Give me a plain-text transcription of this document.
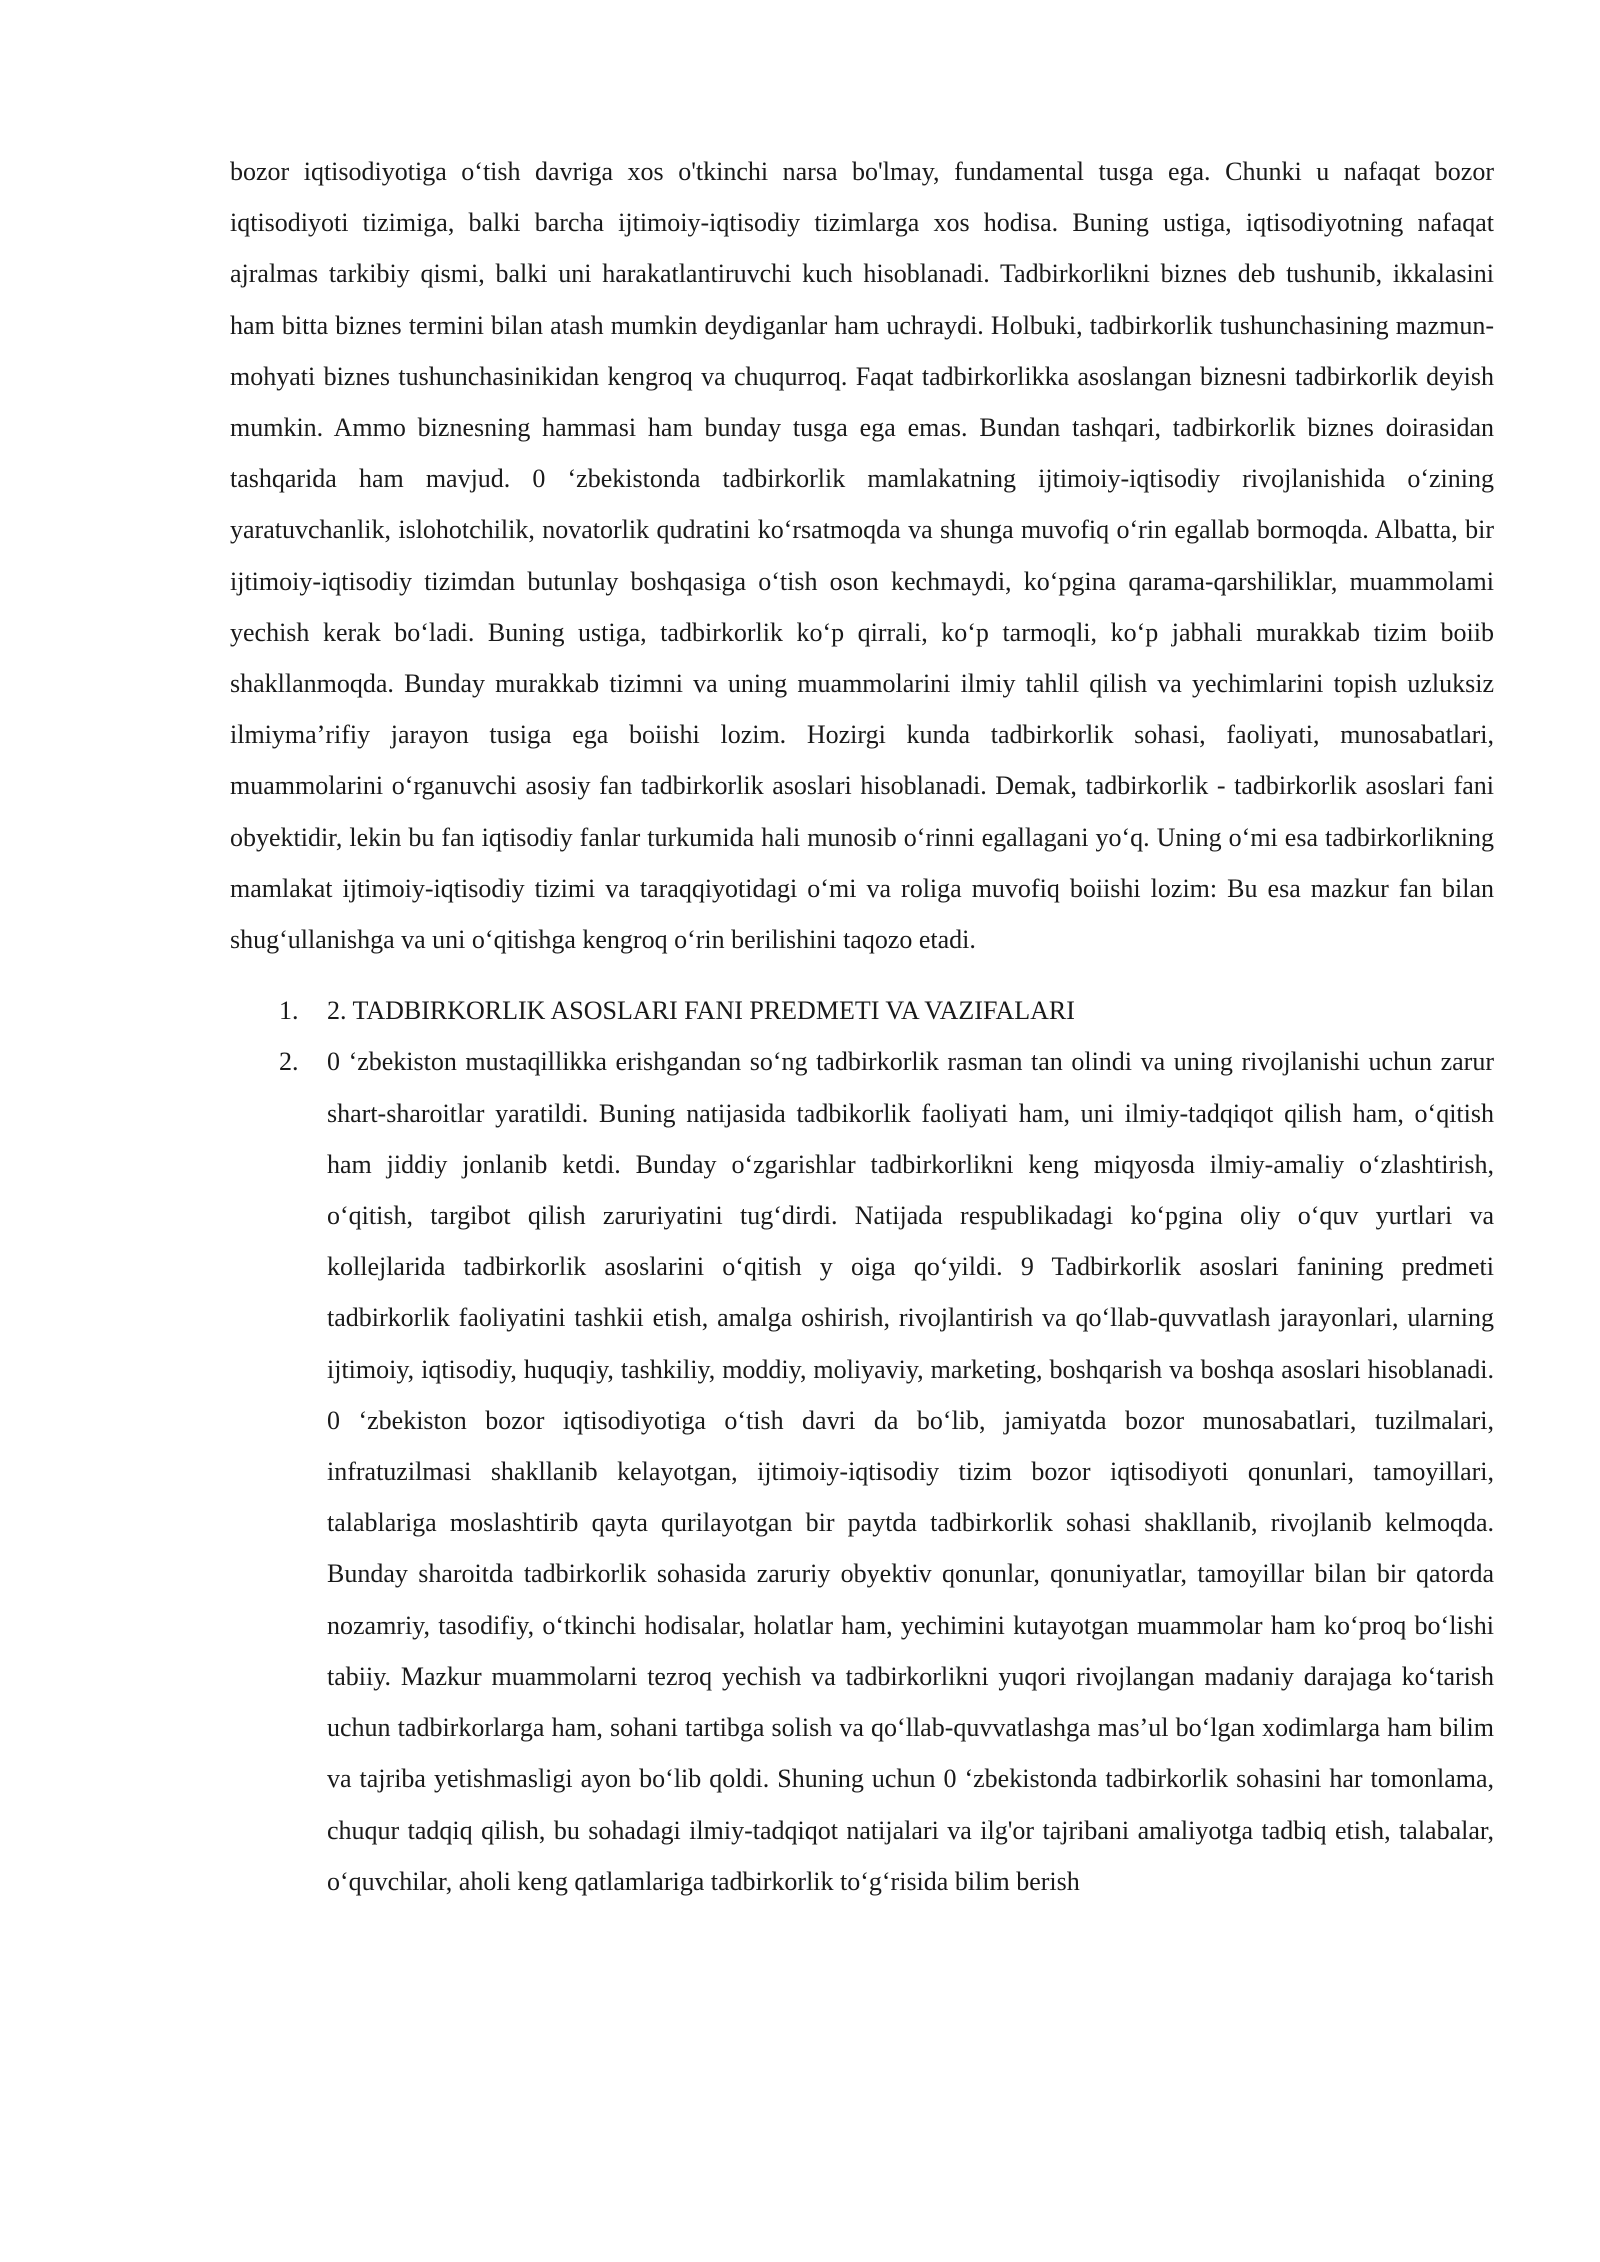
bozor iqtisodiyotiga o‘tish davriga xos o'tkinchi narsa bo'lmay, fundamental tusga ega. Chunki u nafaqat bozor iqtisodiyoti tizimiga, balki barcha ijtimoiy-iqtisodiy tizimlarga xos hodisa. Buning ustiga, iqtisodiyotning nafaqat ajralmas tarkibiy qismi, balki uni harakatlantiruvchi kuch hisoblanadi. Tadbirkorlikni biznes deb tushunib, ikkalasini ham bitta biznes termini bilan atash mumkin deydiganlar ham uchraydi. Holbuki, tadbirkorlik tushunchasining mazmun-mohyati biznes tushunchasinikidan kengroq va chuqurroq. Faqat tadbirkorlikka asoslangan biznesni tadbirkorlik deyish mumkin. Ammo biznesning hammasi ham bunday tusga ega emas. Bundan tashqari, tadbirkorlik biznes doirasidan tashqarida ham mavjud. 0 ‘zbekistonda tadbirkorlik mamlakatning ijtimoiy-iqtisodiy rivojlanishida o‘zining yaratuvchanlik, islohotchilik, novatorlik qudratini ko‘rsatmoqda va shunga muvofiq o‘rin egallab bormoqda. Albatta, bir ijtimoiy-iqtisodiy tizimdan butunlay boshqasiga o‘tish oson kechmaydi, ko‘pgina qarama-qarshiliklar, muammolami yechish kerak bo‘ladi. Buning ustiga, tadbirkorlik ko‘p qirrali, ko‘p tarmoqli, ko‘p jabhali murakkab tizim boiib shakllanmoqda. Bunday murakkab tizimni va uning muammolarini ilmiy tahlil qilish va yechimlarini topish uzluksiz ilmiyma’rifiy jarayon tusiga ega boiishi lozim. Hozirgi kunda tadbirkorlik sohasi, faoliyati, munosabatlari, muammolarini o‘rganuvchi asosiy fan tadbirkorlik asoslari hisoblanadi. Demak, tadbirkorlik - tadbirkorlik asoslari fani obyektidir, lekin bu fan iqtisodiy fanlar turkumida hali munosib o‘rinni egallagani yo‘q. Uning o‘mi esa tadbirkorlikning mamlakat ijtimoiy-iqtisodiy tizimi va taraqqiyotidagi o‘mi va roliga muvofiq boiishi lozim: Bu esa mazkur fan bilan shug‘ullanishga va uni o‘qitishga kengroq o‘rin berilishini taqozo etadi.

1. 2. TADBIRKORLIK ASOSLARI FANI PREDMETI VA VAZIFALARI
2. 0 ‘zbekiston mustaqillikka erishgandan so‘ng tadbirkorlik rasman tan olindi va uning rivojlanishi uchun zarur shart-sharoitlar yaratildi. Buning natijasida tadbikorlik faoliyati ham, uni ilmiy-tadqiqot qilish ham, o‘qitish ham jiddiy jonlanib ketdi. Bunday o‘zgarishlar tadbirkorlikni keng miqyosda ilmiy-amaliy o‘zlashtirish, o‘qitish, targibot qilish zaruriyatini tug‘dirdi. Natijada respublikadagi ko‘pgina oliy o‘quv yurtlari va kollejlarida tadbirkorlik asoslarini o‘qitish y oiga qo‘yildi. 9 Tadbirkorlik asoslari fanining predmeti tadbirkorlik faoliyatini tashkii etish, amalga oshirish, rivojlantirish va qo‘llab-quvvatlash jarayonlari, ularning ijtimoiy, iqtisodiy, huquqiy, tashkiliy, moddiy, moliyaviy, marketing, boshqarish va boshqa asoslari hisoblanadi. 0 ‘zbekiston bozor iqtisodiyotiga o‘tish davri da bo‘lib, jamiyatda bozor munosabatlari, tuzilmalari, infratuzilmasi shakllanib kelayotgan, ijtimoiy-iqtisodiy tizim bozor iqtisodiyoti qonunlari, tamoyillari, talablariga moslashtirib qayta qurilayotgan bir paytda tadbirkorlik sohasi shakllanib, rivojlanib kelmoqda. Bunday sharoitda tadbirkorlik sohasida zaruriy obyektiv qonunlar, qonuniyatlar, tamoyillar bilan bir qatorda nozamriy, tasodifiy, o‘tkinchi hodisalar, holatlar ham, yechimini kutayotgan muammolar ham ko‘proq bo‘lishi tabiiy. Mazkur muammolarni tezroq yechish va tadbirkorlikni yuqori rivojlangan madaniy darajaga ko‘tarish uchun tadbirkorlarga ham, sohani tartibga solish va qo‘llab-quvvatlashga mas’ul bo‘lgan xodimlarga ham bilim va tajriba yetishmasligi ayon bo‘lib qoldi. Shuning uchun 0 ‘zbekistonda tadbirkorlik sohasini har tomonlama, chuqur tadqiq qilish, bu sohadagi ilmiy-tadqiqot natijalari va ilg'or tajribani amaliyotga tadbiq etish, talabalar, o‘quvchilar, aholi keng qatlamlariga tadbirkorlik to‘g‘risida bilim berish
